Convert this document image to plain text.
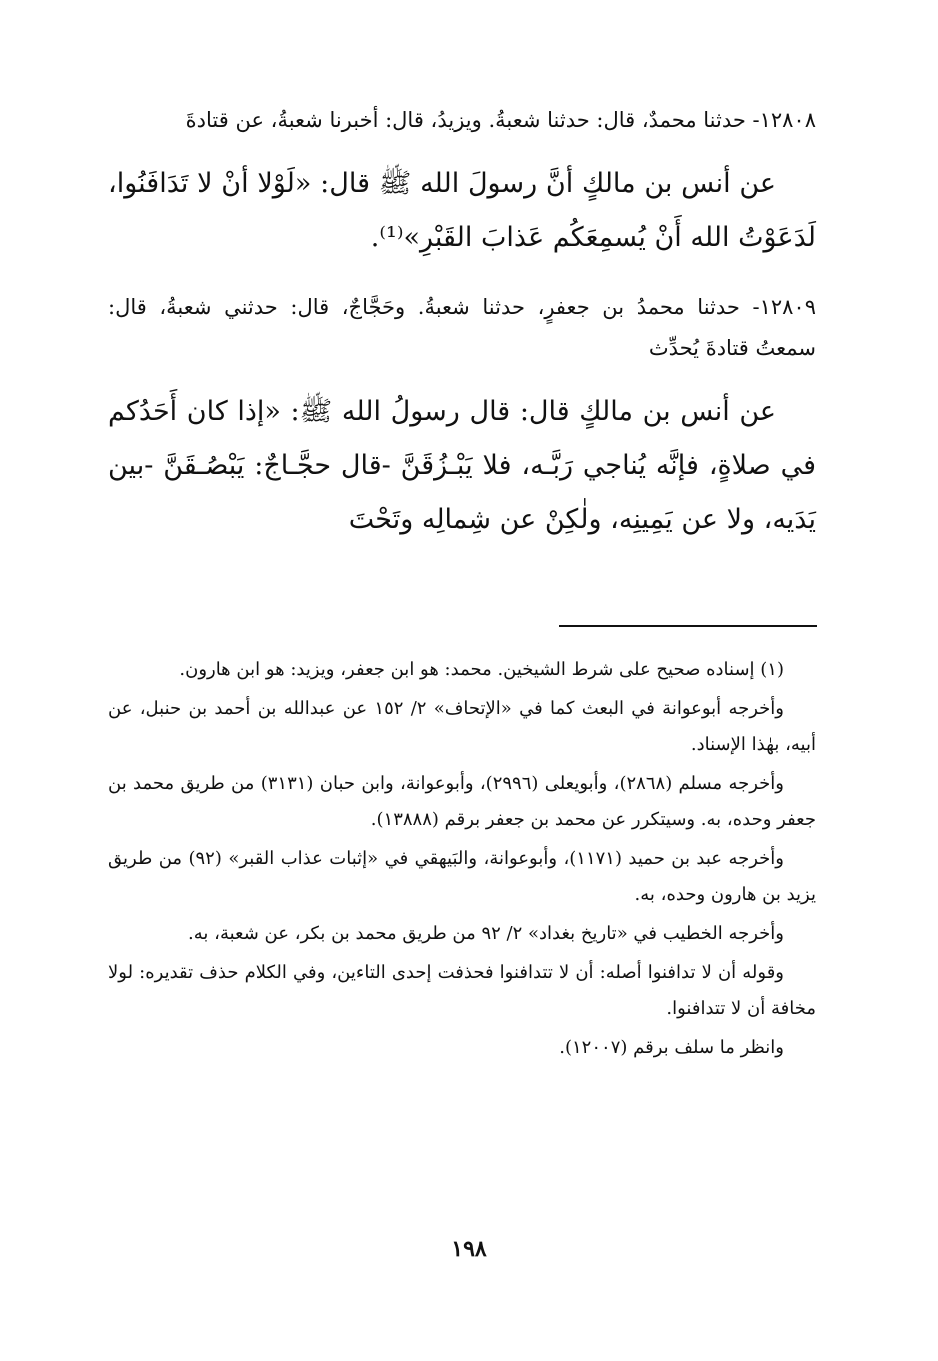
١٢٨٠٨- حدثنا محمدٌ، قال: حدثنا شعبةُ. ويزيدُ، قال: أخبرنا شعبةُ، عن قتادةَ

عن أنس بن مالكٍ أنَّ رسولَ الله ﷺ قال: «لَوْلا أنْ لا تَدَافَنُوا، لَدَعَوْتُ الله أَنْ يُسمِعَكُم عَذابَ القَبْرِ»⁽¹⁾.

١٢٨٠٩- حدثنا محمدُ بن جعفرٍ، حدثنا شعبةُ. وحَجَّاجٌ، قال: حدثني شعبةُ، قال: سمعتُ قتادةَ يُحدِّث

عن أنس بن مالكٍ قال: قال رسولُ الله ﷺ: «إذا كان أَحَدُكم في صلاةٍ، فإنَّه يُناجي رَبَّـه، فلا يَبْـزُقَنَّ -قال حجَّـاجٌ: يَبْصُـقَنَّ -بين يَدَيه، ولا عن يَمِينِه، ولٰكِنْ عن شِمالِه وتَحْتَ

(١) إسناده صحيح على شرط الشيخين. محمد: هو ابن جعفر، ويزيد: هو ابن هارون.

وأخرجه أبوعوانة في البعث كما في «الإتحاف» ٢/ ١٥٢ عن عبدالله بن أحمد بن حنبل، عن أبيه، بهٰذا الإسناد.

وأخرجه مسلم (٢٨٦٨)، وأبويعلى (٢٩٩٦)، وأبوعوانة، وابن حبان (٣١٣١) من طريق محمد بن جعفر وحده، به. وسيتكرر عن محمد بن جعفر برقم (١٣٨٨٨).

وأخرجه عبد بن حميد (١١٧١)، وأبوعوانة، والبَيهقي في «إثبات عذاب القبر» (٩٢) من طريق يزيد بن هارون وحده، به.

وأخرجه الخطيب في «تاريخ بغداد» ٢/ ٩٢ من طريق محمد بن بكر، عن شعبة، به.

وقوله أن لا تدافنوا أصله: أن لا تتدافنوا فحذفت إحدى التاءين، وفي الكلام حذف تقديره: لولا مخافة أن لا تتدافنوا.

وانظر ما سلف برقم (١٢٠٠٧).

١٩٨
